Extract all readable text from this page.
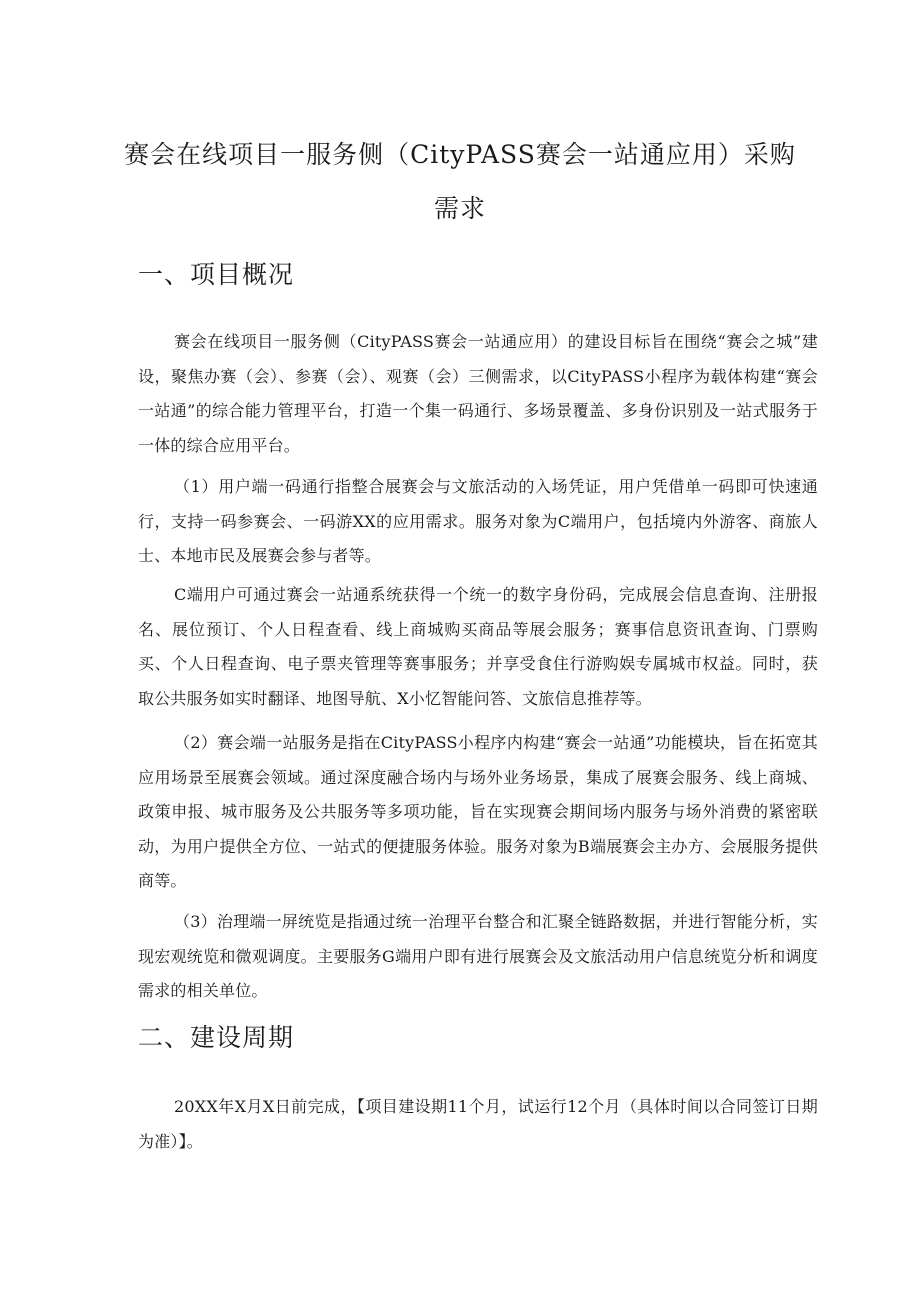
赛会在线项目一服务侧（CityPASS赛会一站通应用）采购需求
一、项目概况

赛会在线项目一服务侧（CityPASS赛会一站通应用）的建设目标旨在围绕“赛会之城”建设，聚焦办赛（会）、参赛（会）、观赛（会）三侧需求，以CityPASS小程序为载体构建“赛会一站通”的综合能力管理平台，打造一个集一码通行、多场景覆盖、多身份识别及一站式服务于一体的综合应用平台。

（1）用户端一码通行指整合展赛会与文旅活动的入场凭证，用户凭借单一码即可快速通行，支持一码参赛会、一码游XX的应用需求。服务对象为C端用户，包括境内外游客、商旅人士、本地市民及展赛会参与者等。

C端用户可通过赛会一站通系统获得一个统一的数字身份码，完成展会信息查询、注册报名、展位预订、个人日程查看、线上商城购买商品等展会服务；赛事信息资讯查询、门票购买、个人日程查询、电子票夹管理等赛事服务；并享受食住行游购娱专属城市权益。同时，获取公共服务如实时翻译、地图导航、X小忆智能问答、文旅信息推荐等。

（2）赛会端一站服务是指在CityPASS小程序内构建“赛会一站通”功能模块，旨在拓宽其应用场景至展赛会领域。通过深度融合场内与场外业务场景，集成了展赛会服务、线上商城、政策申报、城市服务及公共服务等多项功能，旨在实现赛会期间场内服务与场外消费的紧密联动，为用户提供全方位、一站式的便捷服务体验。服务对象为B端展赛会主办方、会展服务提供商等。

（3）治理端一屏统览是指通过统一治理平台整合和汇聚全链路数据，并进行智能分析，实现宏观统览和微观调度。主要服务G端用户即有进行展赛会及文旅活动用户信息统览分析和调度需求的相关单位。

二、建设周期

20XX年X月X日前完成，【项目建设期11个月，试运行12个月（具体时间以合同签订日期为准）】。
